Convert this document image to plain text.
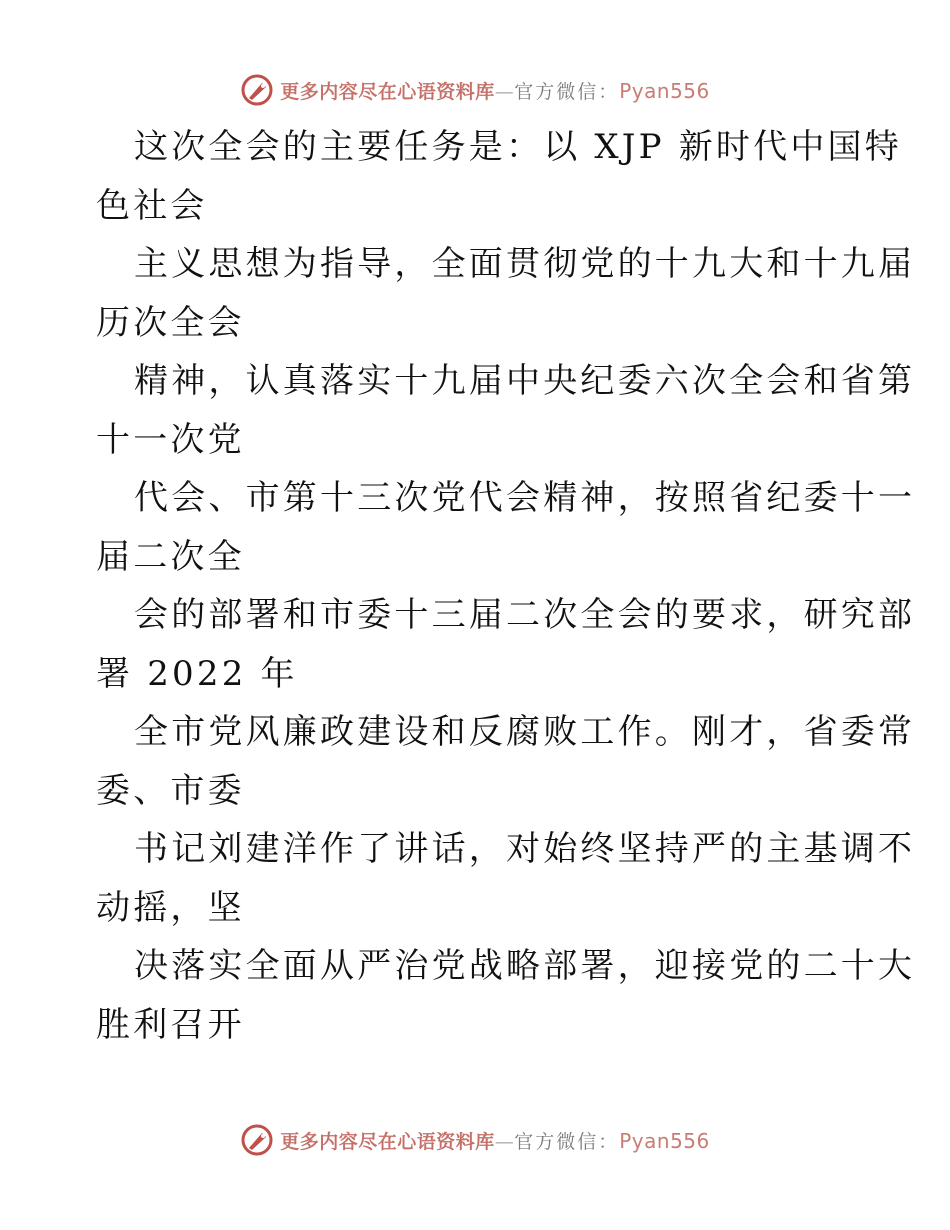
更多内容尽在心语资料库—官方微信：Pyan556
这次全会的主要任务是：以 XJP 新时代中国特
色社会
主义思想为指导，全面贯彻党的十九大和十九届
历次全会
精神，认真落实十九届中央纪委六次全会和省第
十一次党
代会、市第十三次党代会精神，按照省纪委十一
届二次全
会的部署和市委十三届二次全会的要求，研究部
署 2022 年
全市党风廉政建设和反腐败工作。刚才，省委常
委、市委
书记刘建洋作了讲话，对始终坚持严的主基调不
动摇，坚
决落实全面从严治党战略部署，迎接党的二十大
胜利召开
更多内容尽在心语资料库—官方微信：Pyan556
